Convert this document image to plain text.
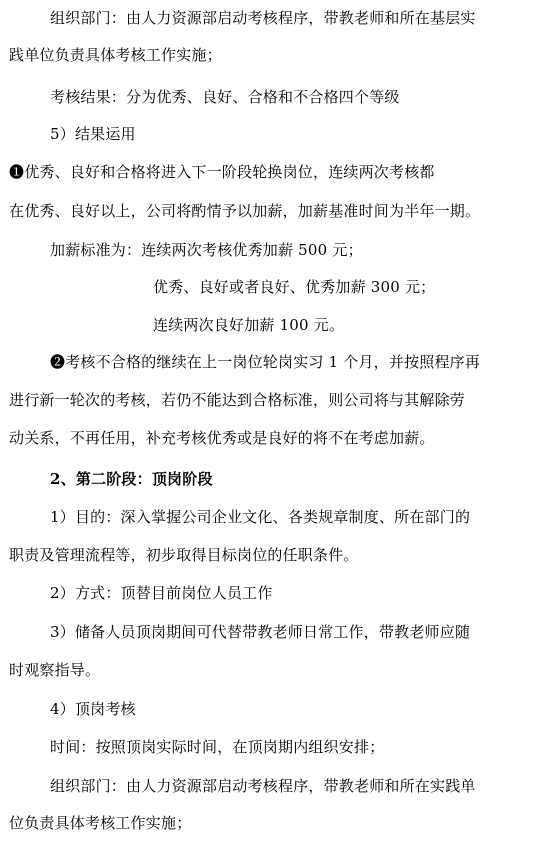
组织部门：由人力资源部启动考核程序，带教老师和所在基层实
践单位负责具体考核工作实施；
考核结果：分为优秀、良好、合格和不合格四个等级
5）结果运用
❶优秀、良好和合格将进入下一阶段轮换岗位，连续两次考核都
在优秀、良好以上，公司将酌情予以加薪，加薪基准时间为半年一期。
加薪标准为：连续两次考核优秀加薪 500 元；
优秀、良好或者良好、优秀加薪 300 元；
连续两次良好加薪 100 元。
❷考核不合格的继续在上一岗位轮岗实习 1 个月，并按照程序再
进行新一轮次的考核，若仍不能达到合格标准，则公司将与其解除劳
动关系，不再任用，补充考核优秀或是良好的将不在考虑加薪。
2、第二阶段：顶岗阶段
1）目的：深入掌握公司企业文化、各类规章制度、所在部门的
职责及管理流程等，初步取得目标岗位的任职条件。
2）方式：顶替目前岗位人员工作
3）储备人员顶岗期间可代替带教老师日常工作，带教老师应随
时观察指导。
4）顶岗考核
时间：按照顶岗实际时间，在顶岗期内组织安排；
组织部门：由人力资源部启动考核程序，带教老师和所在实践单
位负责具体考核工作实施；
